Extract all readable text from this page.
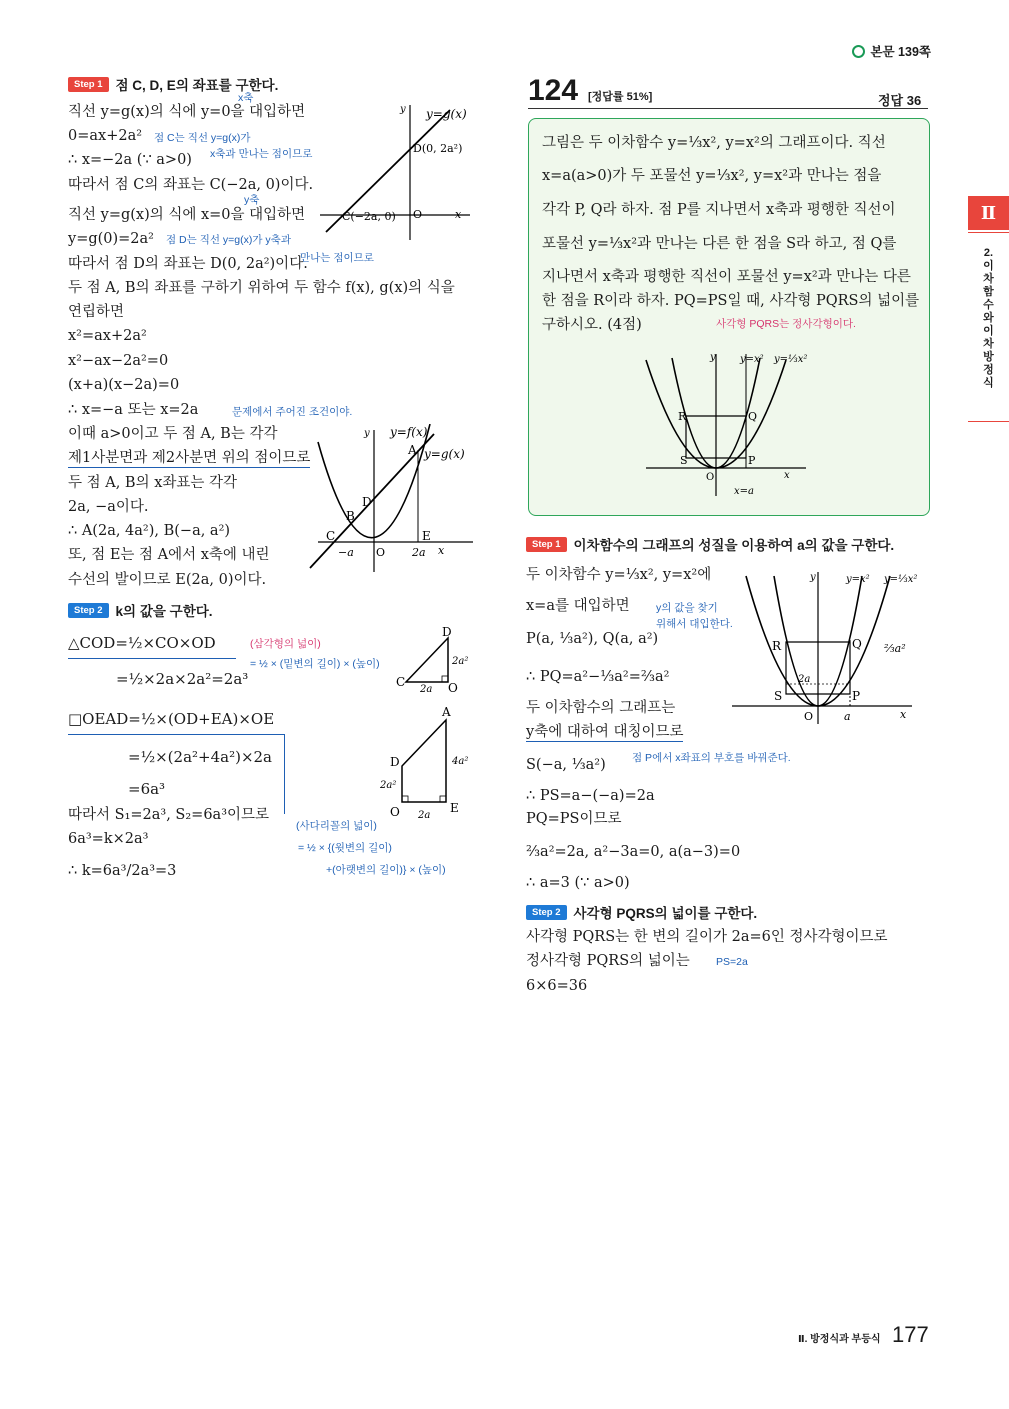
본문 139쪽
Ⅱ
2.
이
차
함
수
와
이
차
방
정
식
Step 1 점 C, D, E의 좌표를 구한다.
x축
직선 y=g(x)의 식에 y=0을 대입하면
0=ax+2a² 점 C는 직선 y=g(x)가
∴ x=−2a (∵ a>0) x축과 만나는 점이므로
따라서 점 C의 좌표는 C(−2a, 0)이다.
y축
직선 y=g(x)의 식에 x=0을 대입하면
y=g(0)=2a² 점 D는 직선 y=g(x)가 y축과
따라서 점 D의 좌표는 D(0, 2a²)이다.
만나는 점이므로
두 점 A, B의 좌표를 구하기 위하여 두 함수 f(x), g(x)의 식을
연립하면
x²=ax+2a²
x²−ax−2a²=0
(x+a)(x−2a)=0
∴ x=−a 또는 x=2a	문제에서 주어진 조건이야.
이때 a>0이고 두 점 A, B는 각각
제1사분면과 제2사분면 위의 점이므로
두 점 A, B의 x좌표는 각각
2a, −a이다.
∴ A(2a, 4a²), B(−a, a²)
또, 점 E는 점 A에서 x축에 내린
수선의 발이므로 E(2a, 0)이다.
y y=g(x)
D(0, 2a²)
C(−2a, 0) O	x
y y=f(x)
y=g(x)
A
B
D
C	E
O
−a	2a x
Step 2 k의 값을 구한다.
△COD=½×CO×OD	(삼각형의 넓이)
= ½ × (밑변의 길이) × (높이)
=½×2a×2a²=2a³
D
C	O
2a²
2a
□OEAD=½×(OD+EA)×OE
=½×(2a²+4a²)×2a
=6a³
A
D
O	E
4a²
2a²
2a
따라서 S₁=2a³, S₂=6a³이므로
6a³=k×2a³
∴ k=6a³/2a³=3
(사다리꼴의 넓이)
= ½ × {(윗변의 길이)
+(아랫변의 길이)} × (높이)
124 [정답률 51%]	정답 36
그림은 두 이차함수 y=⅓x², y=x²의 그래프이다. 직선
x=a(a>0)가 두 포물선 y=⅓x², y=x²과 만나는 점을
각각 P, Q라 하자. 점 P를 지나면서 x축과 평행한 직선이
포물선 y=⅓x²과 만나는 다른 한 점을 S라 하고, 점 Q를
지나면서 x축과 평행한 직선이 포물선 y=x²과 만나는 다른
한 점을 R이라 하자. PQ=PS일 때, 사각형 PQRS의 넓이를
구하시오. (4점)	사각형 PQRS는 정사각형이다.
y y=x² y=⅓x²
R	Q
S	P
O
x=a
x
Step 1 이차함수의 그래프의 성질을 이용하여 a의 값을 구한다.
두 이차함수 y=⅓x², y=x²에
x=a를 대입하면	y의 값을 찾기
위해서 대입한다.
P(a, ⅓a²), Q(a, a²)
∴ PQ=a²−⅓a²=⅔a²
두 이차함수의 그래프는
y축에 대하여 대칭이므로
S(−a, ⅓a²) 점 P에서 x좌표의 부호를 바꿔준다.
∴ PS=a−(−a)=2a
PQ=PS이므로
⅔a²=2a, a²−3a=0, a(a−3)=0
∴ a=3 (∵ a>0)
y	y=x² y=⅓x²
R	Q
S	P
O	a	x
2a
⅔a²
Step 2 사각형 PQRS의 넓이를 구한다.
사각형 PQRS는 한 변의 길이가 2a=6인 정사각형이므로
정사각형 PQRS의 넓이는 PS=2a
6×6=36
Ⅱ. 방정식과 부등식 177
